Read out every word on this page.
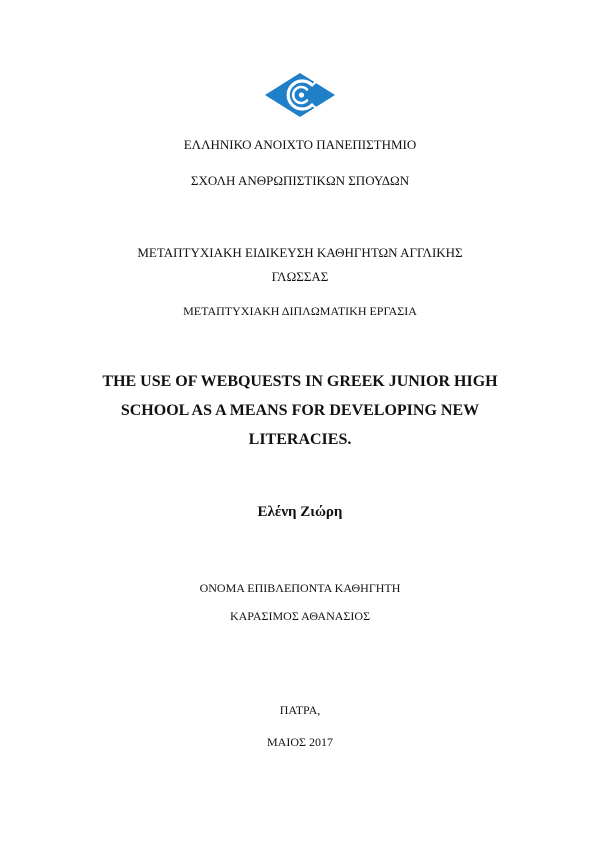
ΕΛΛΗΝΙΚΟ ΑΝΟΙΧΤΟ ΠΑΝΕΠΙΣΤΗΜΙΟ
ΣΧΟΛΗ ΑΝΘΡΩΠΙΣΤΙΚΩΝ ΣΠΟΥΔΩΝ
ΜΕΤΑΠΤΥΧΙΑΚΗ ΕΙΔΙΚΕΥΣΗ ΚΑΘΗΓΗΤΩΝ ΑΓΓΛΙΚΗΣ
ΓΛΩΣΣΑΣ
ΜΕΤΑΠΤΥΧΙΑΚΗ ΔΙΠΛΩΜΑΤΙΚΗ ΕΡΓΑΣΙΑ
THE USE OF WEBQUESTS IN GREEK JUNIOR HIGH
SCHOOL AS A MEANS FOR DEVELOPING NEW
LITERACIES.
Ελένη Ζιώρη
ΟΝΟΜΑ ΕΠΙΒΛΕΠΟΝΤΑ ΚΑΘΗΓΗΤΗ
ΚΑΡΑΣΙΜΟΣ ΑΘΑΝΑΣΙΟΣ
ΠΑΤΡΑ,
ΜΑΙΟΣ 2017
